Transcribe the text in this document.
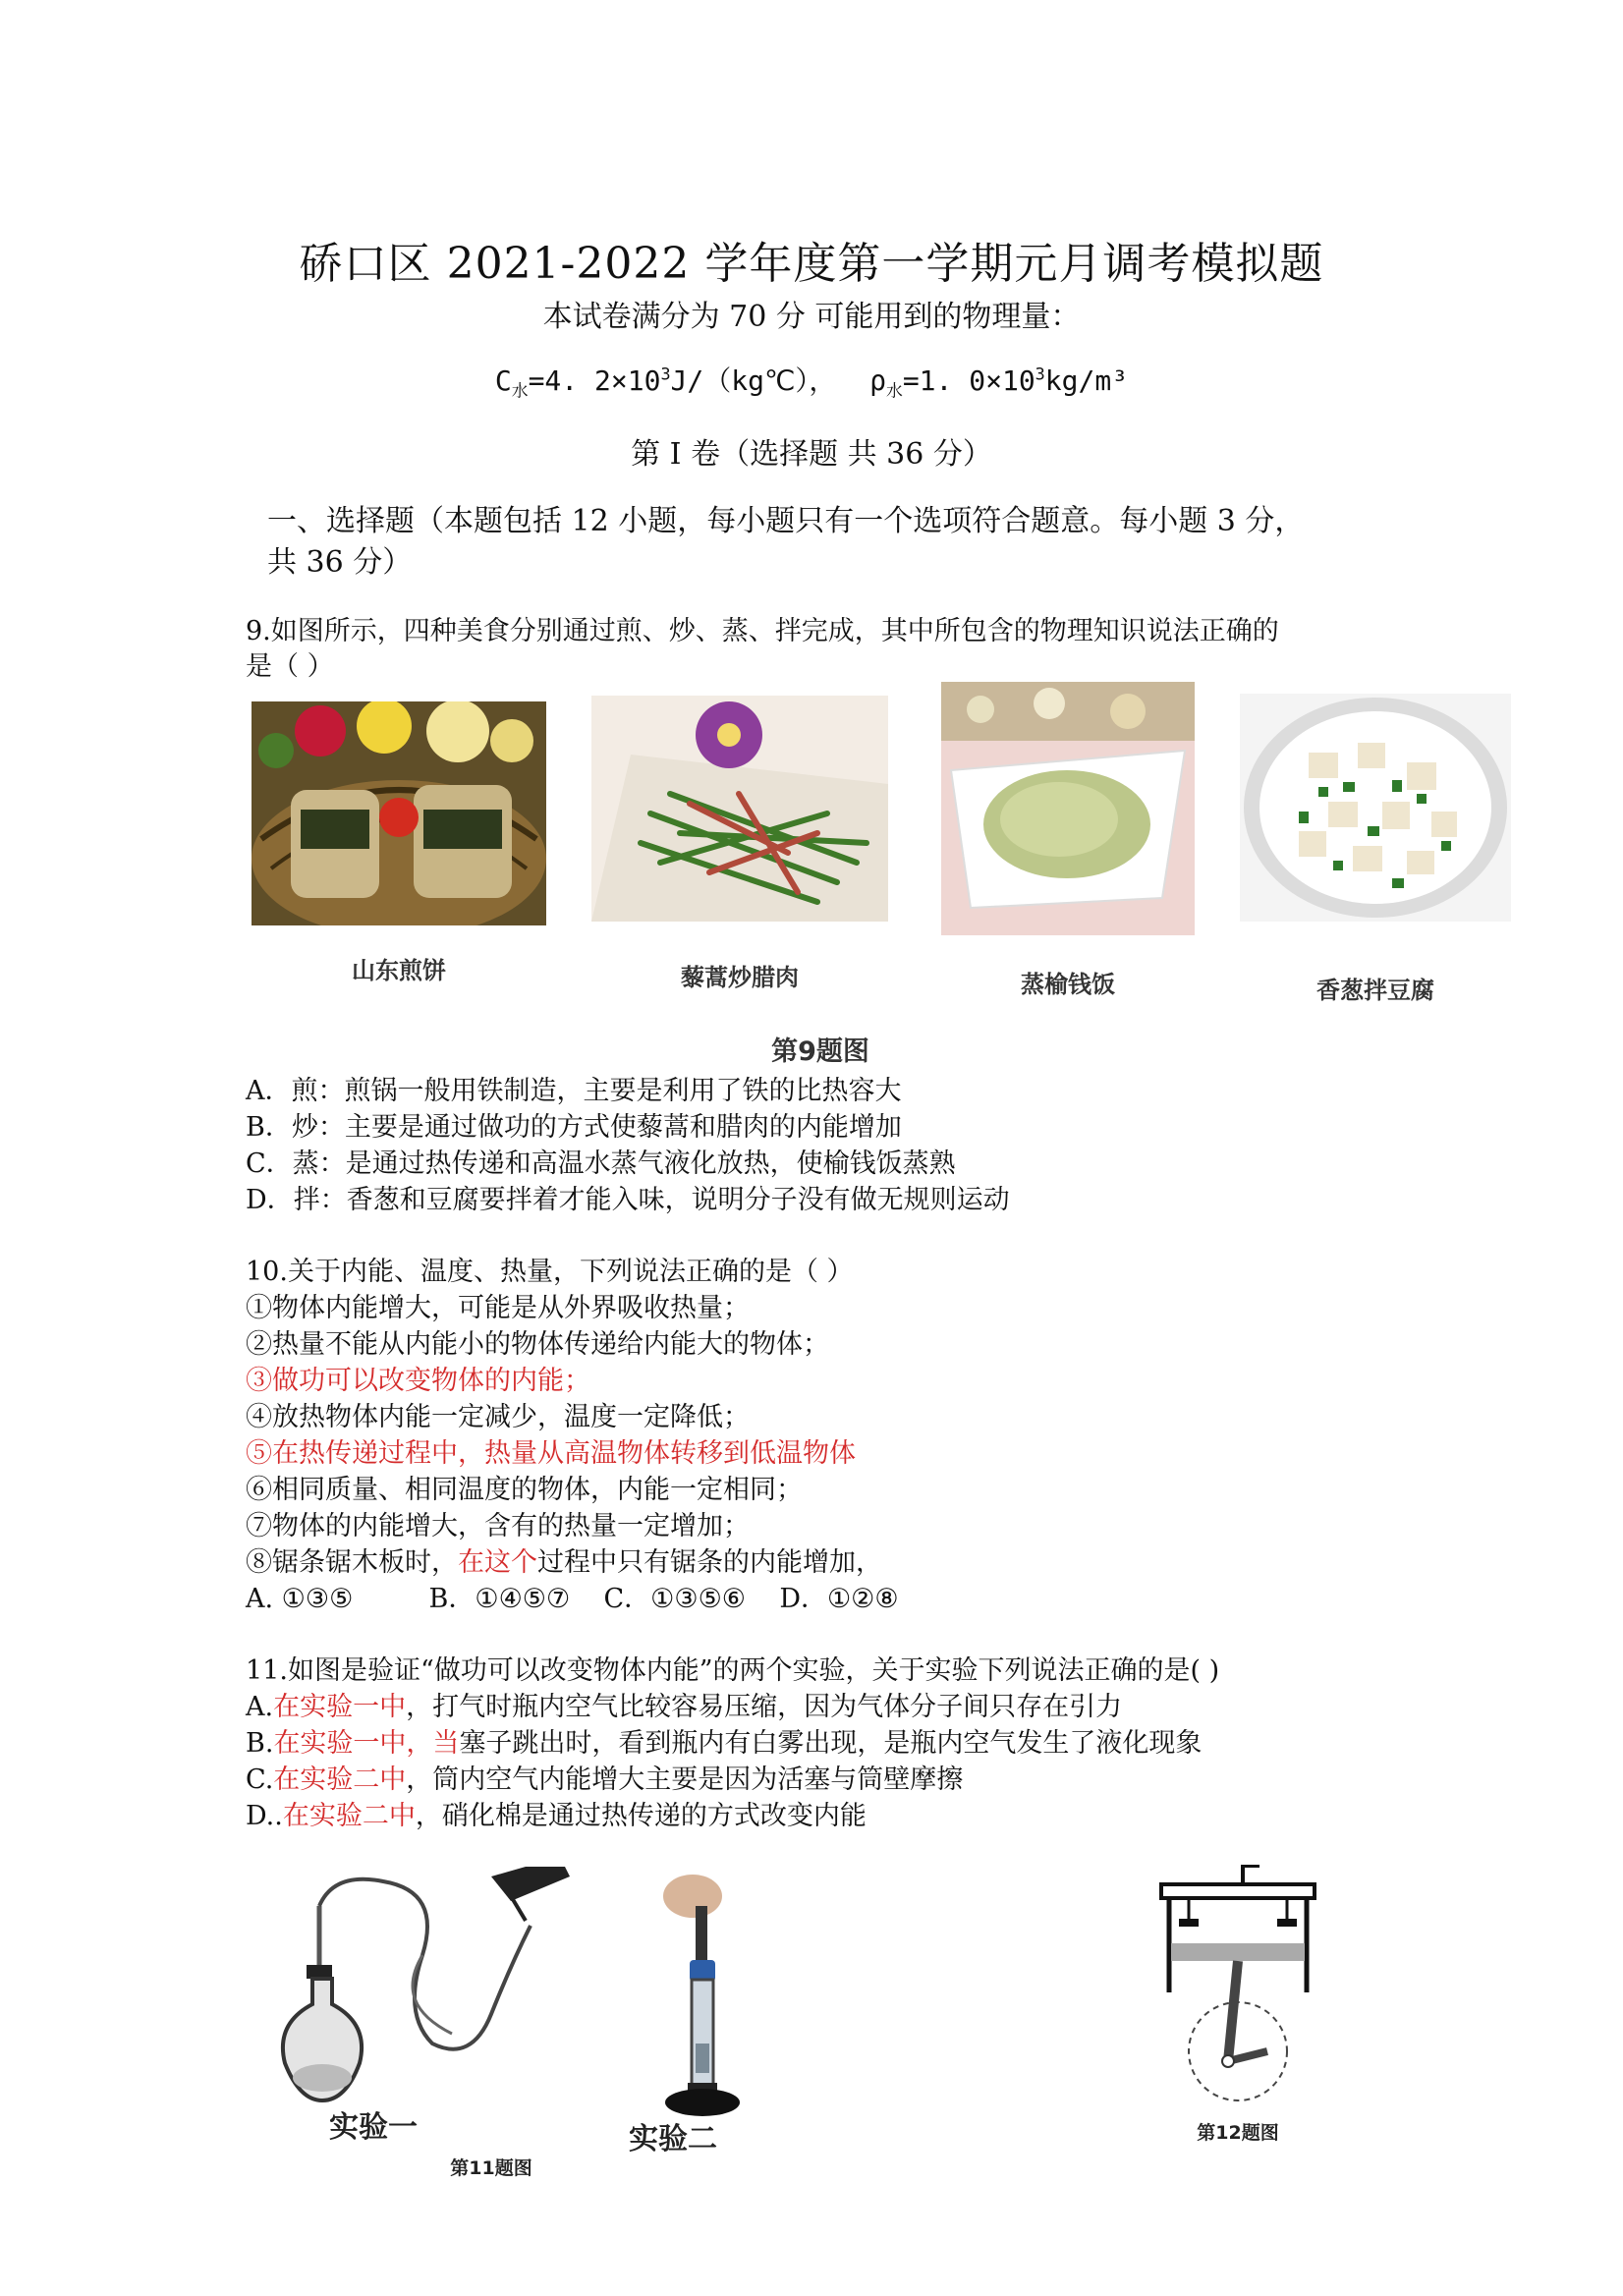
硚口区 2021-2022 学年度第一学期元月调考模拟题
本试卷满分为 70 分 可能用到的物理量：
$C_水=4$. $2\times 10^3J/(kg℃)$， $\rho_水=1$. $0\times 10^3kg/m^3$
第 I 卷（选择题 共 36 分）
一、选择题（本题包括 12 小题，每小题只有一个选项符合题意。每小题 3 分，
共 36 分）
9.如图所示，四种美食分别通过煎、炒、蒸、拌完成，其中所包含的物理知识说法正确的
是（ ）
山东煎饼	藜蒿炒腊肉	蒸榆钱饭	香葱拌豆腐
第9题图
A．煎：煎锅一般用铁制造，主要是利用了铁的比热容大
B．炒：主要是通过做功的方式使藜蒿和腊肉的内能增加
C．蒸：是通过热传递和高温水蒸气液化放热，使榆钱饭蒸熟
D．拌：香葱和豆腐要拌着才能入味，说明分子没有做无规则运动
10.关于内能、温度、热量，下列说法正确的是（ ）
①物体内能增大，可能是从外界吸收热量；
②热量不能从内能小的物体传递给内能大的物体；
③做功可以改变物体的内能；
④放热物体内能一定减少，温度一定降低；
⑤在热传递过程中，热量从高温物体转移到低温物体
⑥相同质量、相同温度的物体，内能一定相同；
⑦物体的内能增大，含有的热量一定增加；
⑧锯条锯木板时，在这个过程中只有锯条的内能增加，
A. ①③⑤         B．①④⑤⑦    C．①③⑤⑥    D．①②⑧
11.如图是验证“做功可以改变物体内能”的两个实验，关于实验下列说法正确的是( )
A.在实验一中，打气时瓶内空气比较容易压缩，因为气体分子间只存在引力
B.在实验一中，当塞子跳出时，看到瓶内有白雾出现，是瓶内空气发生了液化现象
C.在实验二中，筒内空气内能增大主要是因为活塞与筒壁摩擦
D..在实验二中，硝化棉是通过热传递的方式改变内能
实验一	实验二
第11题图
第12题图
